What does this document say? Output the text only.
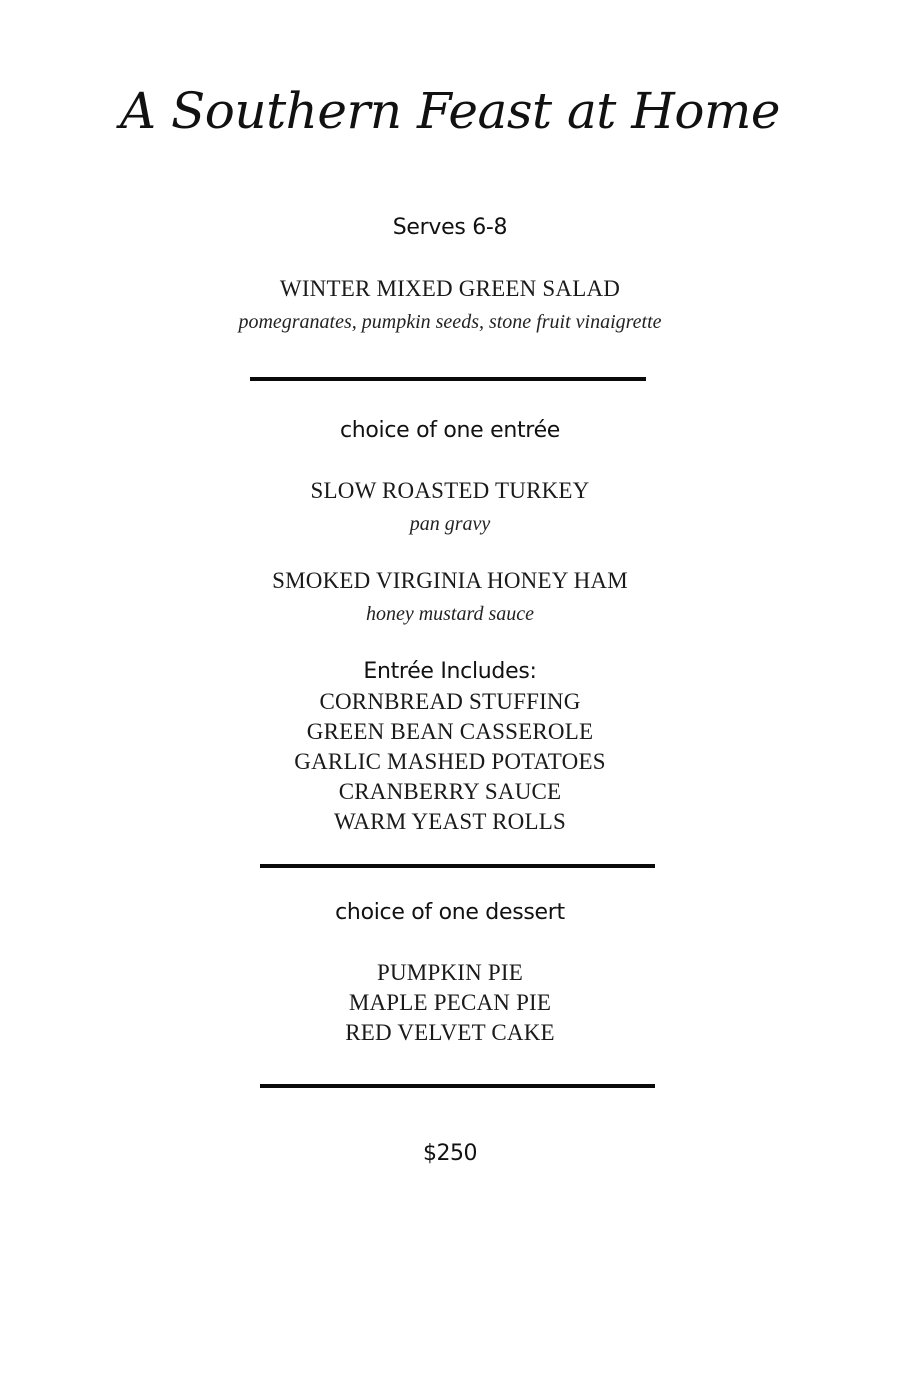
A Southern Feast at Home
Serves 6-8
WINTER MIXED GREEN SALAD
pomegranates, pumpkin seeds, stone fruit vinaigrette
choice of one entrée
SLOW ROASTED TURKEY
pan gravy
SMOKED VIRGINIA HONEY HAM
honey mustard sauce
Entrée Includes:
CORNBREAD STUFFING
GREEN BEAN CASSEROLE
GARLIC MASHED POTATOES
CRANBERRY SAUCE
WARM YEAST ROLLS
choice of one dessert
PUMPKIN PIE
MAPLE PECAN PIE
RED VELVET CAKE
$250
